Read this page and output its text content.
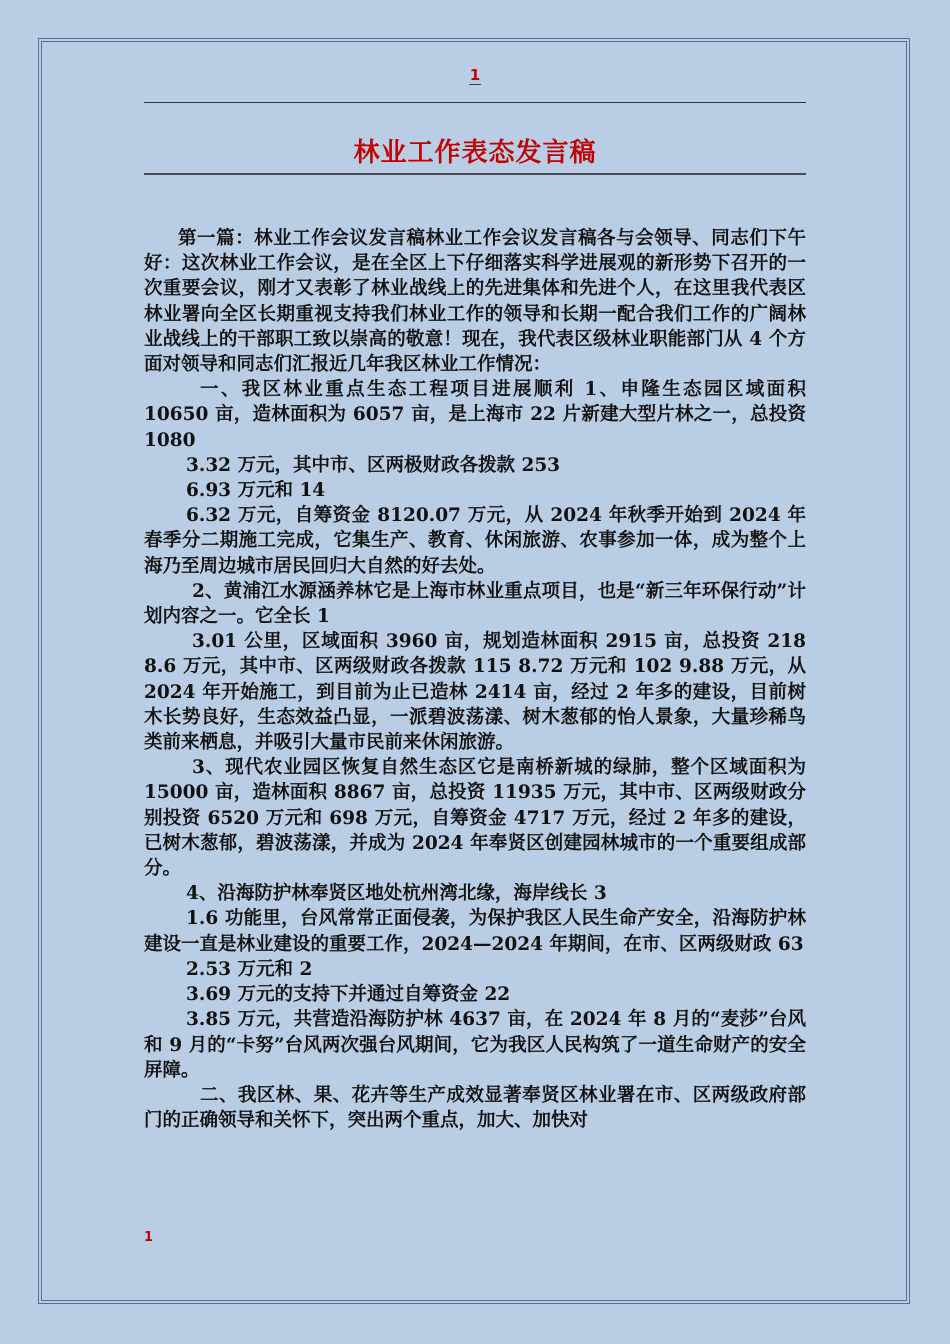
1
林业工作表态发言稿

第一篇：林业工作会议发言稿林业工作会议发言稿各与会领导、同志们下午好：这次林业工作会议，是在全区上下仔细落实科学进展观的新形势下召开的一次重要会议，刚才又表彰了林业战线上的先进集体和先进个人，在这里我代表区林业署向全区长期重视支持我们林业工作的领导和长期一配合我们工作的广阔林业战线上的干部职工致以崇高的敬意！现在，我代表区级林业职能部门从 4 个方面对领导和同志们汇报近几年我区林业工作情况：

一、我区林业重点生态工程项目进展顺利 1、申隆生态园区域面积 10650 亩，造林面积为 6057 亩，是上海市 22 片新建大型片林之一，总投资 1080

3.32 万元，其中市、区两极财政各拨款 253

6.93 万元和 14

6.32 万元，自筹资金 8120.07 万元，从 2024 年秋季开始到 2024 年春季分二期施工完成，它集生产、教育、休闲旅游、农事参加一体，成为整个上海乃至周边城市居民回归大自然的好去处。

2、黄浦江水源涵养林它是上海市林业重点项目，也是“新三年环保行动”计划内容之一。它全长 1

3.01 公里，区域面积 3960 亩，规划造林面积 2915 亩，总投资 218 8.6 万元，其中市、区两级财政各拨款 115 8.72 万元和 102 9.88 万元，从 2024 年开始施工，到目前为止已造林 2414 亩，经过 2 年多的建设，目前树木长势良好，生态效益凸显，一派碧波荡漾、树木葱郁的怡人景象，大量珍稀鸟类前来栖息，并吸引大量市民前来休闲旅游。

3、现代农业园区恢复自然生态区它是南桥新城的绿肺，整个区域面积为 15000 亩，造林面积 8867 亩，总投资 11935 万元，其中市、区两级财政分别投资 6520 万元和 698 万元，自筹资金 4717 万元，经过 2 年多的建设，已树木葱郁，碧波荡漾，并成为 2024 年奉贤区创建园林城市的一个重要组成部分。

4、沿海防护林奉贤区地处杭州湾北缘，海岸线长 3

1.6 功能里，台风常常正面侵袭，为保护我区人民生命产安全，沿海防护林建设一直是林业建设的重要工作，2024—2024 年期间，在市、区两级财政 63

2.53 万元和 2

3.69 万元的支持下并通过自筹资金 22

3.85 万元，共营造沿海防护林 4637 亩，在 2024 年 8 月的“麦莎”台风和 9 月的“卡努”台风两次强台风期间，它为我区人民构筑了一道生命财产的安全屏障。

二、我区林、果、花卉等生产成效显著奉贤区林业署在市、区两级政府部门的正确领导和关怀下，突出两个重点，加大、加快对

1
